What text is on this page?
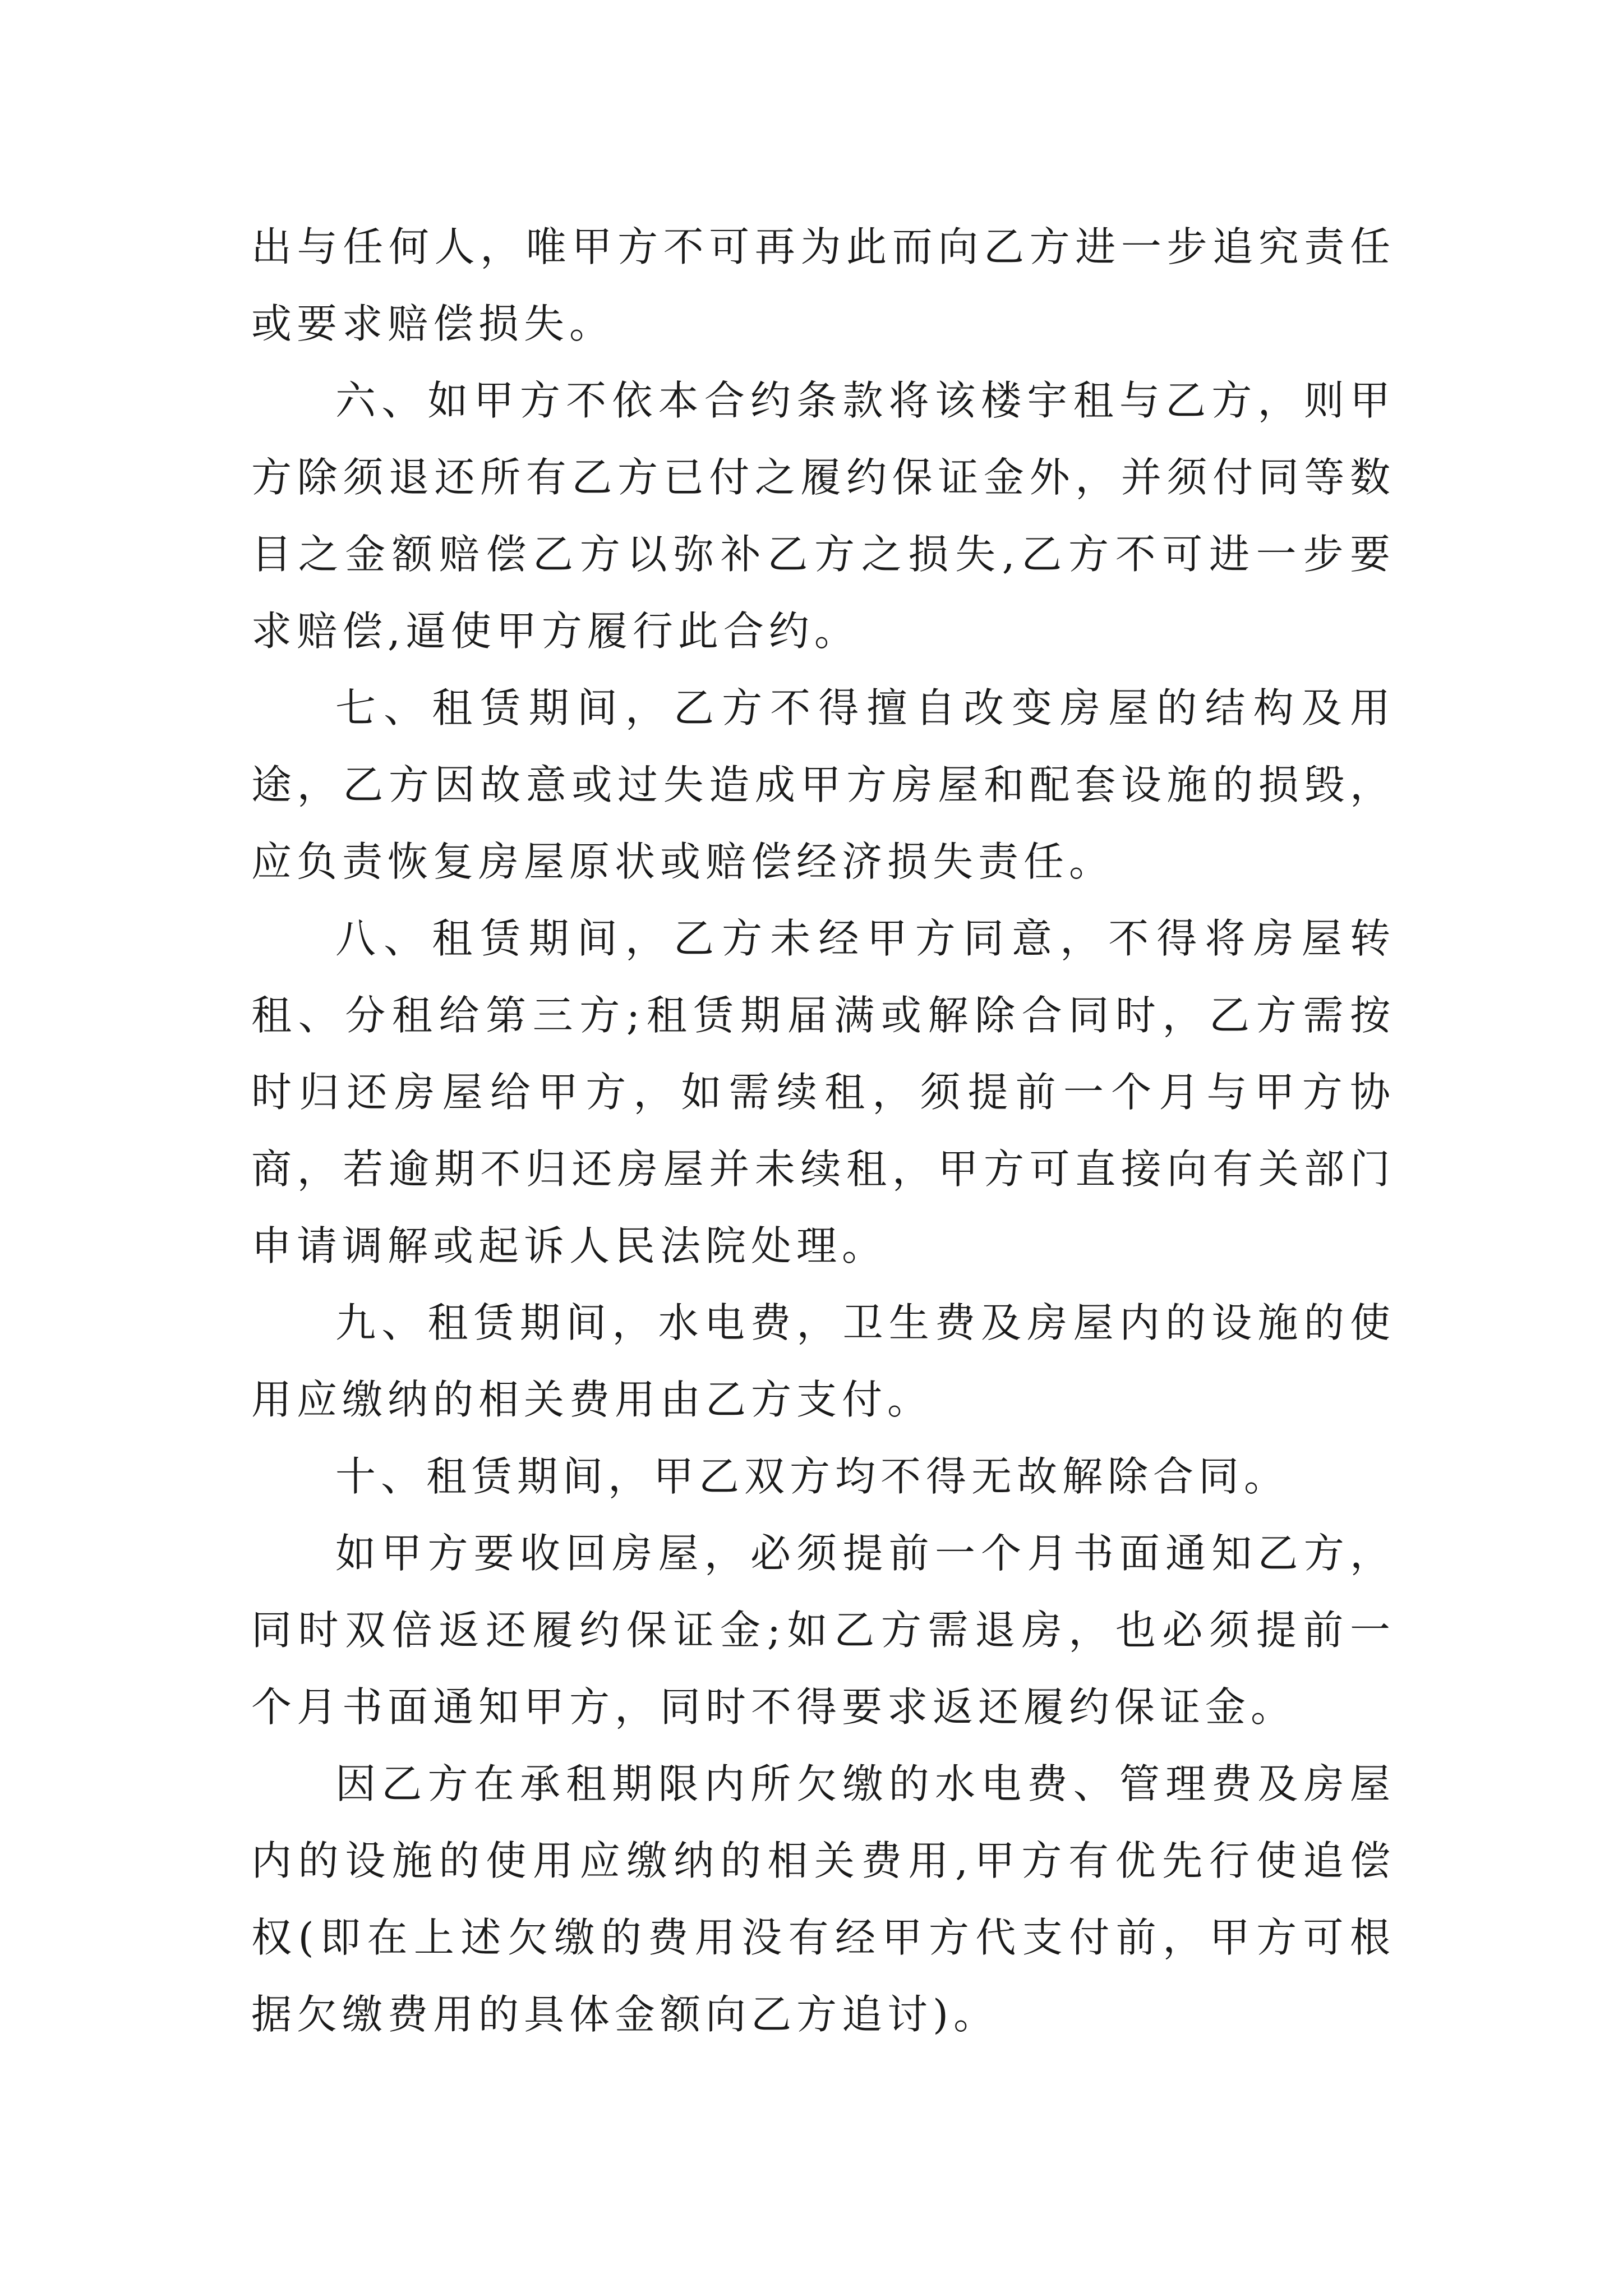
出与任何人，唯甲方不可再为此而向乙方进一步追究责任或要求赔偿损失。

六、如甲方不依本合约条款将该楼宇租与乙方，则甲方除须退还所有乙方已付之履约保证金外，并须付同等数目之金额赔偿乙方以弥补乙方之损失,乙方不可进一步要求赔偿,逼使甲方履行此合约。

七、租赁期间，乙方不得擅自改变房屋的结构及用途，乙方因故意或过失造成甲方房屋和配套设施的损毁，应负责恢复房屋原状或赔偿经济损失责任。

八、租赁期间，乙方未经甲方同意，不得将房屋转租、分租给第三方;租赁期届满或解除合同时，乙方需按时归还房屋给甲方，如需续租，须提前一个月与甲方协商，若逾期不归还房屋并未续租，甲方可直接向有关部门申请调解或起诉人民法院处理。

九、租赁期间，水电费，卫生费及房屋内的设施的使用应缴纳的相关费用由乙方支付。

十、租赁期间，甲乙双方均不得无故解除合同。

如甲方要收回房屋，必须提前一个月书面通知乙方，同时双倍返还履约保证金;如乙方需退房，也必须提前一个月书面通知甲方，同时不得要求返还履约保证金。

因乙方在承租期限内所欠缴的水电费、管理费及房屋内的设施的使用应缴纳的相关费用,甲方有优先行使追偿权(即在上述欠缴的费用没有经甲方代支付前，甲方可根据欠缴费用的具体金额向乙方追讨)。
